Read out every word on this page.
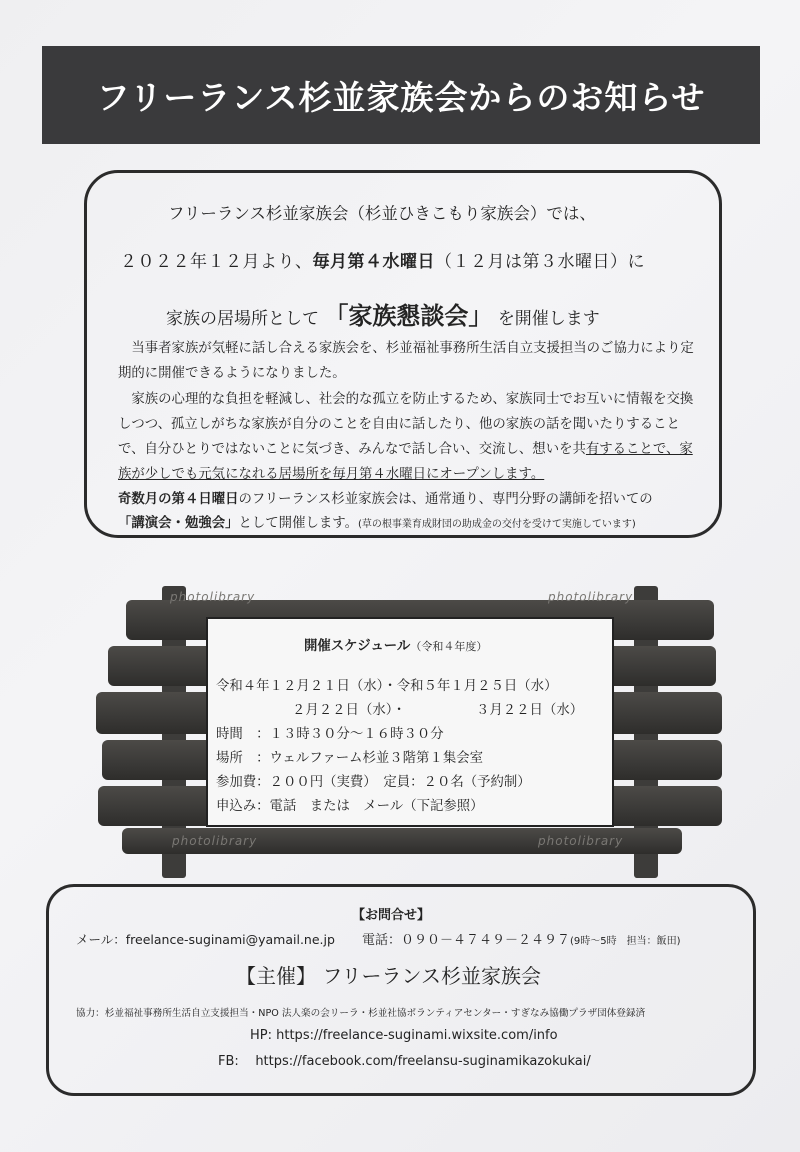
フリーランス杉並家族会からのお知らせ
フリーランス杉並家族会（杉並ひきこもり家族会）では、
２０２２年１２月より、毎月第４水曜日（１２月は第３水曜日）に
家族の居場所として 「家族懇談会」 を開催します

当事者家族が気軽に話し合える家族会を、杉並福祉事務所生活自立支援担当のご協力により定期的に開催できるようになりました。

家族の心理的な負担を軽減し、社会的な孤立を防止するため、家族同士でお互いに情報を交換しつつ、孤立しがちな家族が自分のことを自由に話したり、他の家族の話を聞いたりすることで、自分ひとりではないことに気づき、みんなで話し合い、交流し、想いを共有することで、家族が少しでも元気になれる居場所を毎月第４水曜日にオープンします。

奇数月の第４日曜日のフリーランス杉並家族会は、通常通り、専門分野の講師を招いての
「講演会・勉強会」として開催します。(草の根事業育成財団の助成金の交付を受けて実施しています)
photolibrary	photolibrary
photolibrary	photolibrary
開催スケジュール（令和４年度）
令和４年１２月２１日（水）・令和５年１月２５日（水）
２月２２日（水）・	３月２２日（水）
時間　：１３時３０分～１６時３０分
場所　：ウェルファーム杉並３階第１集会室
参加費：２００円（実費）　定員：２０名（予約制）
申込み：電話　または　メール（下記参照）
【お問合せ】
メール：freelance-suginami@yamail.ne.jp 電話：０９０－４７４９－２４９７(9時～5時　担当：飯田)
【主催】 フリーランス杉並家族会
協力：杉並福祉事務所生活自立支援担当・NPO 法人楽の会リーラ・杉並社協ボランティアセンター・すぎなみ協働プラザ団体登録済
HP: https://freelance-suginami.wixsite.com/info
FB: https://facebook.com/freelansu-suginamikazokukai/
